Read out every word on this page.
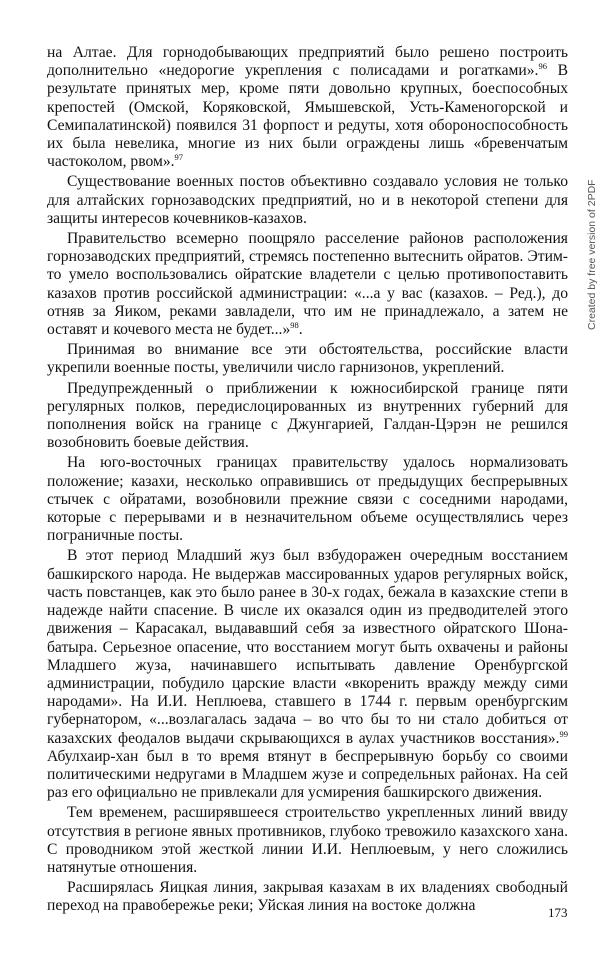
на Алтае. Для горнодобывающих предприятий было решено построить дополнительно «недорогие укрепления с полисадами и рогатками».$^{96}$ В результате принятых мер, кроме пяти довольно крупных, боеспособных крепостей (Омской, Коряковской, Ямышевской, Усть-Каменогорской и Семипалатинской) появился 31 форпост и редуты, хотя обороноспособность их была невелика, многие из них были ограждены лишь «бревенчатым частоколом, рвом».$^{97}$

Существование военных постов объективно создавало условия не только для алтайских горнозаводских предприятий, но и в некоторой степени для защиты интересов кочевников-казахов.

Правительство всемерно поощряло расселение районов расположения горнозаводских предприятий, стремясь постепенно вытеснить ойратов. Этим-то умело воспользовались ойратские владетели с целью противопоставить казахов против российской администрации: «...а у вас (казахов. – Ред.), до отняв за Яиком, реками завладели, что им не принадлежало, а затем не оставят и кочевого места не будет...»$^{98}$.

Принимая во внимание все эти обстоятельства, российские власти укрепили военные посты, увеличили число гарнизонов, укреплений.

Предупрежденный о приближении к южносибирской границе пяти регулярных полков, передислоцированных из внутренних губерний для пополнения войск на границе с Джунгарией, Галдан-Цэрэн не решился возобновить боевые действия.

На юго-восточных границах правительству удалось нормализовать положение; казахи, несколько оправившись от предыдущих беспрерывных стычек с ойратами, возобновили прежние связи с соседними народами, которые с перерывами и в незначительном объеме осуществлялись через пограничные посты.

В этот период Младший жуз был взбудоражен очередным восстанием башкирского народа. Не выдержав массированных ударов регулярных войск, часть повстанцев, как это было ранее в 30-х годах, бежала в казахские степи в надежде найти спасение. В числе их оказался один из предводителей этого движения – Карасакал, выдававший себя за известного ойратского Шона-батыра. Серьезное опасение, что восстанием могут быть охвачены и районы Младшего жуза, начинавшего испытывать давление Оренбургской администрации, побудило царские власти «вкоренить вражду между сими народами». На И.И. Неплюева, ставшего в 1744 г. первым оренбургским губернатором, «...возлагалась задача – во что бы то ни стало добиться от казахских феодалов выдачи скрывающихся в аулах участников восстания».$^{99}$ Абулхаир-хан был в то время втянут в беспрерывную борьбу со своими политическими недругами в Младшем жузе и сопредельных районах. На сей раз его официально не привлекали для усмирения башкирского движения.

Тем временем, расширявшееся строительство укрепленных линий ввиду отсутствия в регионе явных противников, глубоко тревожило казахского хана. С проводником этой жесткой линии И.И. Неплюевым, у него сложились натянутые отношения.

Расширялась Яицкая линия, закрывая казахам в их владениях свободный переход на правобережье реки; Уйская линия на востоке должна

Created by free version of 2PDF
173
